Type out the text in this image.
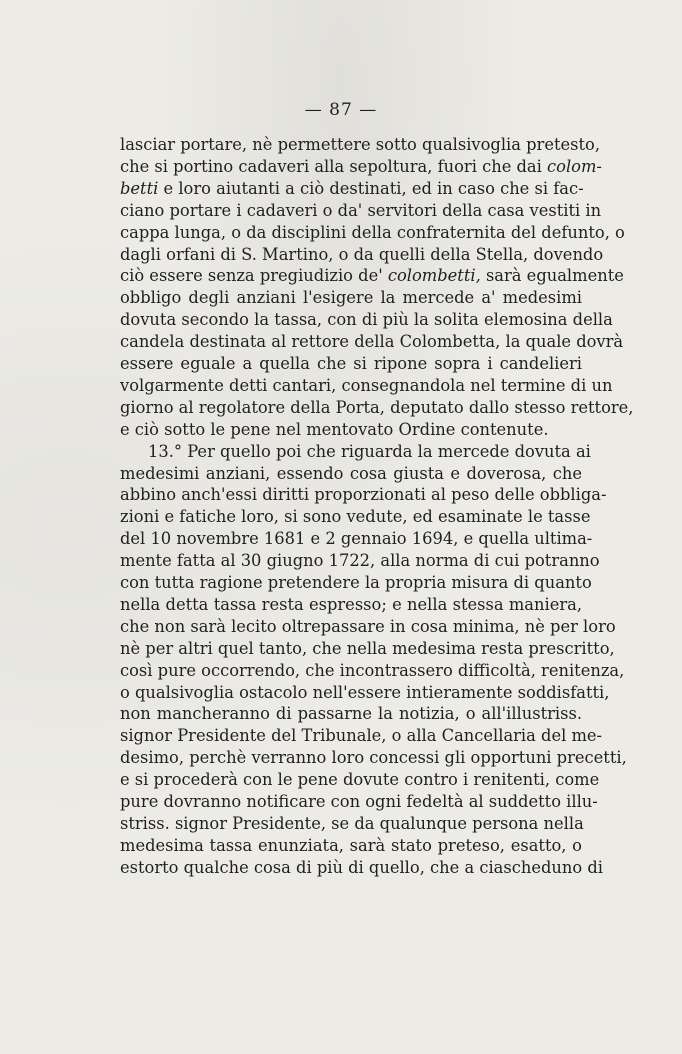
— 87 —
lasciar portare, nè permettere sotto qualsivoglia pretesto,
che si portino cadaveri alla sepoltura, fuori che dai colom-
betti e loro aiutanti a ciò destinati, ed in caso che si fac-
ciano portare i cadaveri o da' servitori della casa vestiti in
cappa lunga, o da disciplini della confraternita del defunto, o
dagli orfani di S. Martino, o da quelli della Stella, dovendo
ciò essere senza pregiudizio de' colombetti, sarà egualmente
obbligo degli anziani l'esigere la mercede a' medesimi
dovuta secondo la tassa, con di più la solita elemosina della
candela destinata al rettore della Colombetta, la quale dovrà
essere eguale a quella che si ripone sopra i candelieri
volgarmente detti cantari, consegnandola nel termine di un
giorno al regolatore della Porta, deputato dallo stesso rettore,
e ciò sotto le pene nel mentovato Ordine contenute.
13.° Per quello poi che riguarda la mercede dovuta ai
medesimi anziani, essendo cosa giusta e doverosa, che
abbino anch'essi diritti proporzionati al peso delle obbliga-
zioni e fatiche loro, si sono vedute, ed esaminate le tasse
del 10 novembre 1681 e 2 gennaio 1694, e quella ultima-
mente fatta al 30 giugno 1722, alla norma di cui potranno
con tutta ragione pretendere la propria misura di quanto
nella detta tassa resta espresso; e nella stessa maniera,
che non sarà lecito oltrepassare in cosa minima, nè per loro
nè per altri quel tanto, che nella medesima resta prescritto,
così pure occorrendo, che incontrassero difficoltà, renitenza,
o qualsivoglia ostacolo nell'essere intieramente soddisfatti,
non mancheranno di passarne la notizia, o all'illustriss.
signor Presidente del Tribunale, o alla Cancellaria del me-
desimo, perchè verranno loro concessi gli opportuni precetti,
e si procederà con le pene dovute contro i renitenti, come
pure dovranno notificare con ogni fedeltà al suddetto illu-
striss. signor Presidente, se da qualunque persona nella
medesima tassa enunziata, sarà stato preteso, esatto, o
estorto qualche cosa di più di quello, che a ciascheduno di
